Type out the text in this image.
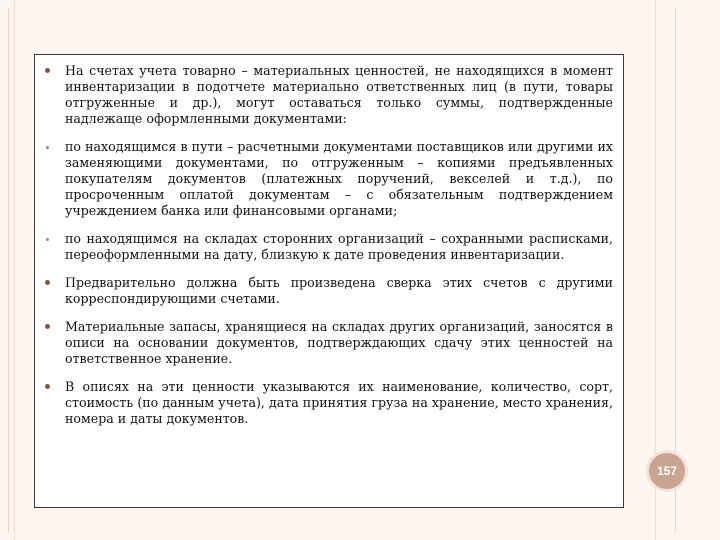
На счетах учета товарно – материальных ценностей, не находящихся в момент инвентаризации в подотчете материально ответственных лиц (в пути, товары отгруженные и др.), могут оставаться только суммы, подтвержденные надлежаще оформленными документами:
по находящимся в пути – расчетными документами поставщиков или другими их заменяющими документами, по отгруженным – копиями предъявленных покупателям документов (платежных поручений, векселей и т.д.), по просроченным оплатой документам – с обязательным подтверждением учреждением банка или финансовыми органами;
по находящимся на складах сторонних организаций – сохранными расписками, переоформленными на дату, близкую к дате проведения инвентаризации.
Предварительно должна быть произведена сверка этих счетов с другими корреспондирующими счетами.
Материальные запасы, хранящиеся на складах других организаций, заносятся в описи на основании документов, подтверждающих сдачу этих ценностей на ответственное хранение.
В описях на эти ценности указываются их наименование, количество, сорт, стоимость (по данным учета), дата принятия груза на хранение, место хранения, номера и даты документов.
157
